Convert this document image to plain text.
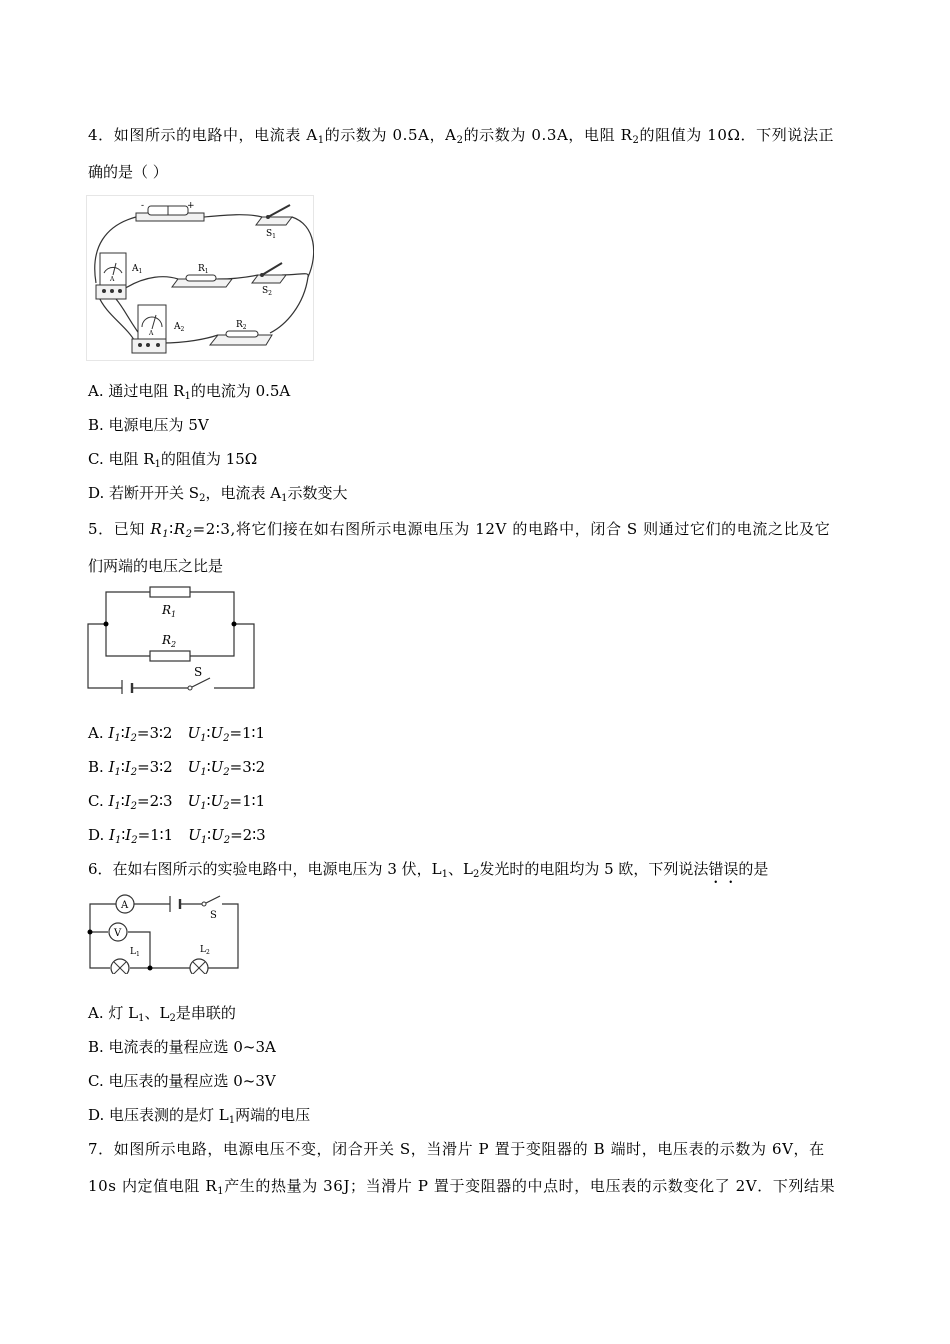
4．如图所示的电路中，电流表 $A_1$的示数为 0.5A，$A_2$的示数为 0.3A，电阻 $R_2$的阻值为 10Ω．下列说法正
确的是（ ）
-	+
$S_1$
A
$A_1$	$R_1$
$S_2$
A
$A_2$	$R_2$
A. 通过电阻 $R_1$的电流为 0.5A
B. 电源电压为 5V
C. 电阻 $R_1$的阻值为 15Ω
D. 若断开开关 $S_2$，电流表 $A_1$示数变大
5．已知 $R_1∶R_2=2∶3$,将它们接在如右图所示电源电压为 12V 的电路中，闭合 S 则通过它们的电流之比及它
们两端的电压之比是
$R_1$
$R_2$
S
A. $I_1∶I_2=3∶2$　$U_1∶U_2=1∶1$
B. $I_1∶I_2=3∶2$　$U_1∶U_2=3∶2$
C. $I_1∶I_2=2∶3$　$U_1∶U_2=1∶1$
D. $I_1∶I_2=1∶1$　$U_1∶U_2=2∶3$
6．在如右图所示的实验电路中，电源电压为 3 伏，$L_1$、$L_2$发光时的电阻均为 5 欧，下列说法错误的是
A
S
V
$L_1$	$L_2$
A. 灯 $L_1$、$L_2$是串联的
B. 电流表的量程应选 0~3A
C. 电压表的量程应选 0~3V
D. 电压表测的是灯 $L_1$两端的电压
7．如图所示电路，电源电压不变，闭合开关 S，当滑片 P 置于变阻器的 B 端时，电压表的示数为 6V，在
10s 内定值电阻 $R_1$产生的热量为 36J；当滑片 P 置于变阻器的中点时，电压表的示数变化了 2V．下列结果
